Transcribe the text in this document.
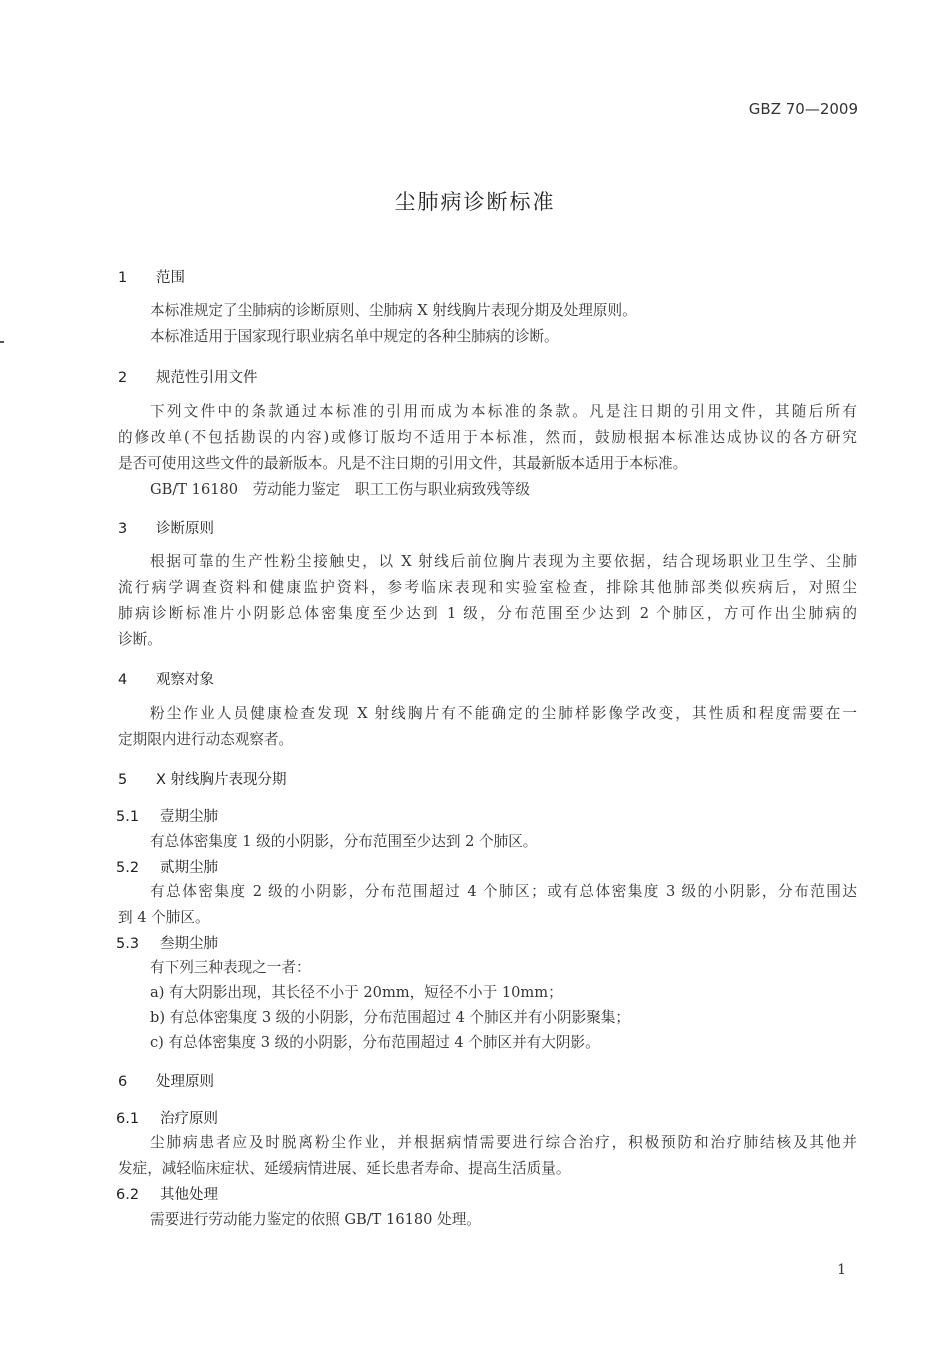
GBZ 70—2009
尘肺病诊断标准
1 范围
本标准规定了尘肺病的诊断原则、尘肺病 X 射线胸片表现分期及处理原则。
本标准适用于国家现行职业病名单中规定的各种尘肺病的诊断。
2 规范性引用文件
下列文件中的条款通过本标准的引用而成为本标准的条款。凡是注日期的引用文件，其随后所有
的修改单(不包括勘误的内容)或修订版均不适用于本标准，然而，鼓励根据本标准达成协议的各方研究
是否可使用这些文件的最新版本。凡是不注日期的引用文件，其最新版本适用于本标准。
GB/T 16180　劳动能力鉴定　职工工伤与职业病致残等级
3 诊断原则
根据可靠的生产性粉尘接触史，以 X 射线后前位胸片表现为主要依据，结合现场职业卫生学、尘肺
流行病学调查资料和健康监护资料，参考临床表现和实验室检查，排除其他肺部类似疾病后，对照尘
肺病诊断标准片小阴影总体密集度至少达到 1 级，分布范围至少达到 2 个肺区，方可作出尘肺病的
诊断。
4 观察对象
粉尘作业人员健康检查发现 X 射线胸片有不能确定的尘肺样影像学改变，其性质和程度需要在一
定期限内进行动态观察者。
5 X 射线胸片表现分期
5.1 壹期尘肺
有总体密集度 1 级的小阴影，分布范围至少达到 2 个肺区。
5.2 贰期尘肺
有总体密集度 2 级的小阴影，分布范围超过 4 个肺区；或有总体密集度 3 级的小阴影，分布范围达
到 4 个肺区。
5.3 叁期尘肺
有下列三种表现之一者：
a) 有大阴影出现，其长径不小于 20mm，短径不小于 10mm；
b) 有总体密集度 3 级的小阴影，分布范围超过 4 个肺区并有小阴影聚集；
c) 有总体密集度 3 级的小阴影，分布范围超过 4 个肺区并有大阴影。
6 处理原则
6.1 治疗原则
尘肺病患者应及时脱离粉尘作业，并根据病情需要进行综合治疗，积极预防和治疗肺结核及其他并
发症，减轻临床症状、延缓病情进展、延长患者寿命、提高生活质量。
6.2 其他处理
需要进行劳动能力鉴定的依照 GB/T 16180 处理。
1
